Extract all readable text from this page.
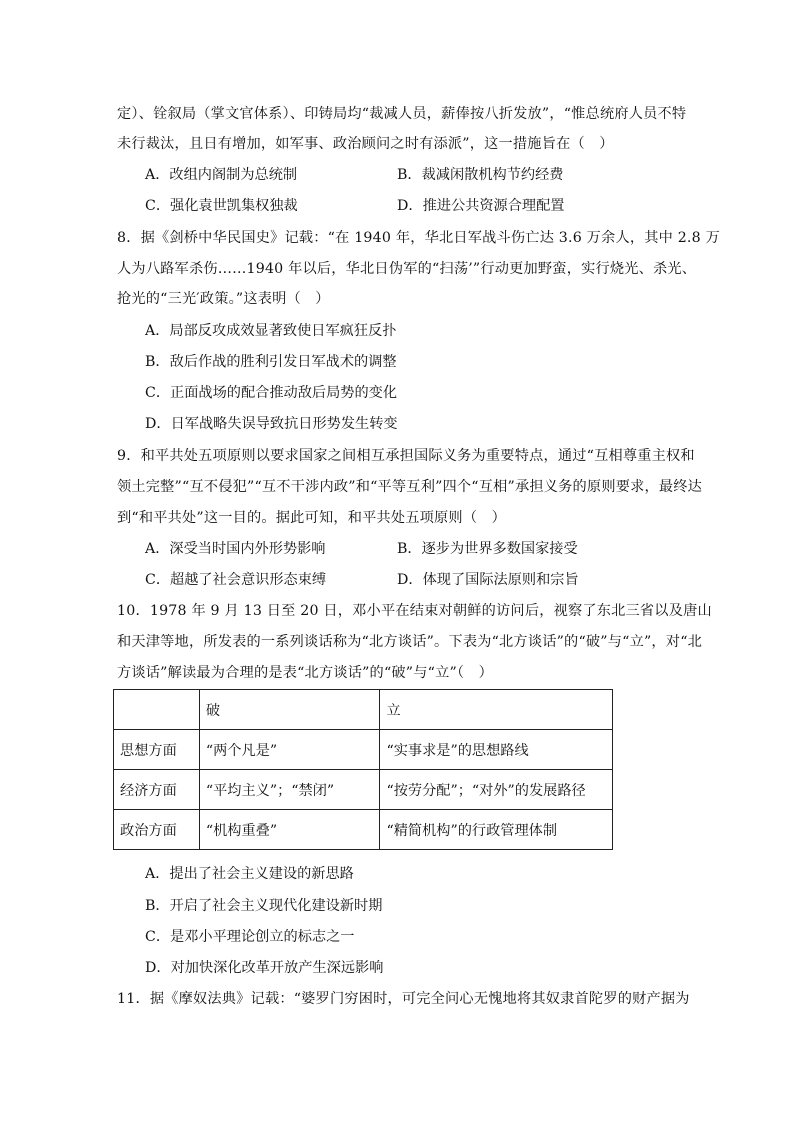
定）、铨叙局（掌文官体系）、印铸局均“裁减人员，薪俸按八折发放”，“惟总统府人员不特
未行裁汰，且日有增加，如军事、政治顾问之时有添派”，这一措施旨在（　）
A．改组内阁制为总统制	B．裁减闲散机构节约经费
C．强化袁世凯集权独裁	D．推进公共资源合理配置
8．据《剑桥中华民国史》记载：“在 1940 年，华北日军战斗伤亡达 3.6 万余人，其中 2.8 万
人为八路军杀伤……1940 年以后，华北日伪军的“扫荡’”行动更加野蛮，实行烧光、杀光、
抢光的“三光′政策。”这表明（　）
A．局部反攻成效显著致使日军疯狂反扑
B．敌后作战的胜利引发日军战术的调整
C．正面战场的配合推动敌后局势的变化
D．日军战略失误导致抗日形势发生转变
9．和平共处五项原则以要求国家之间相互承担国际义务为重要特点，通过“互相尊重主权和
领土完整”“互不侵犯”“互不干涉内政”和“平等互利”四个“互相”承担义务的原则要求，最终达
到“和平共处”这一目的。据此可知，和平共处五项原则（　）
A．深受当时国内外形势影响	B．逐步为世界多数国家接受
C．超越了社会意识形态束缚	D．体现了国际法原则和宗旨
10．1978 年 9 月 13 日至 20 日，邓小平在结束对朝鲜的访问后，视察了东北三省以及唐山
和天津等地，所发表的一系列谈话称为“北方谈话”。下表为“北方谈话”的“破”与“立”，对“北
方谈话”解读最为合理的是表“北方谈话”的“破”与“立”（　）
	破	立
思想方面	“两个凡是”	“实事求是”的思想路线
经济方面	“平均主义”；“禁闭”	“按劳分配”；“对外”的发展路径
政治方面	“机构重叠”	“精简机构”的行政管理体制
A．提出了社会主义建设的新思路
B．开启了社会主义现代化建设新时期
C．是邓小平理论创立的标志之一
D．对加快深化改革开放产生深远影响
11．据《摩奴法典》记载：“婆罗门穷困时，可完全问心无愧地将其奴隶首陀罗的财产据为
